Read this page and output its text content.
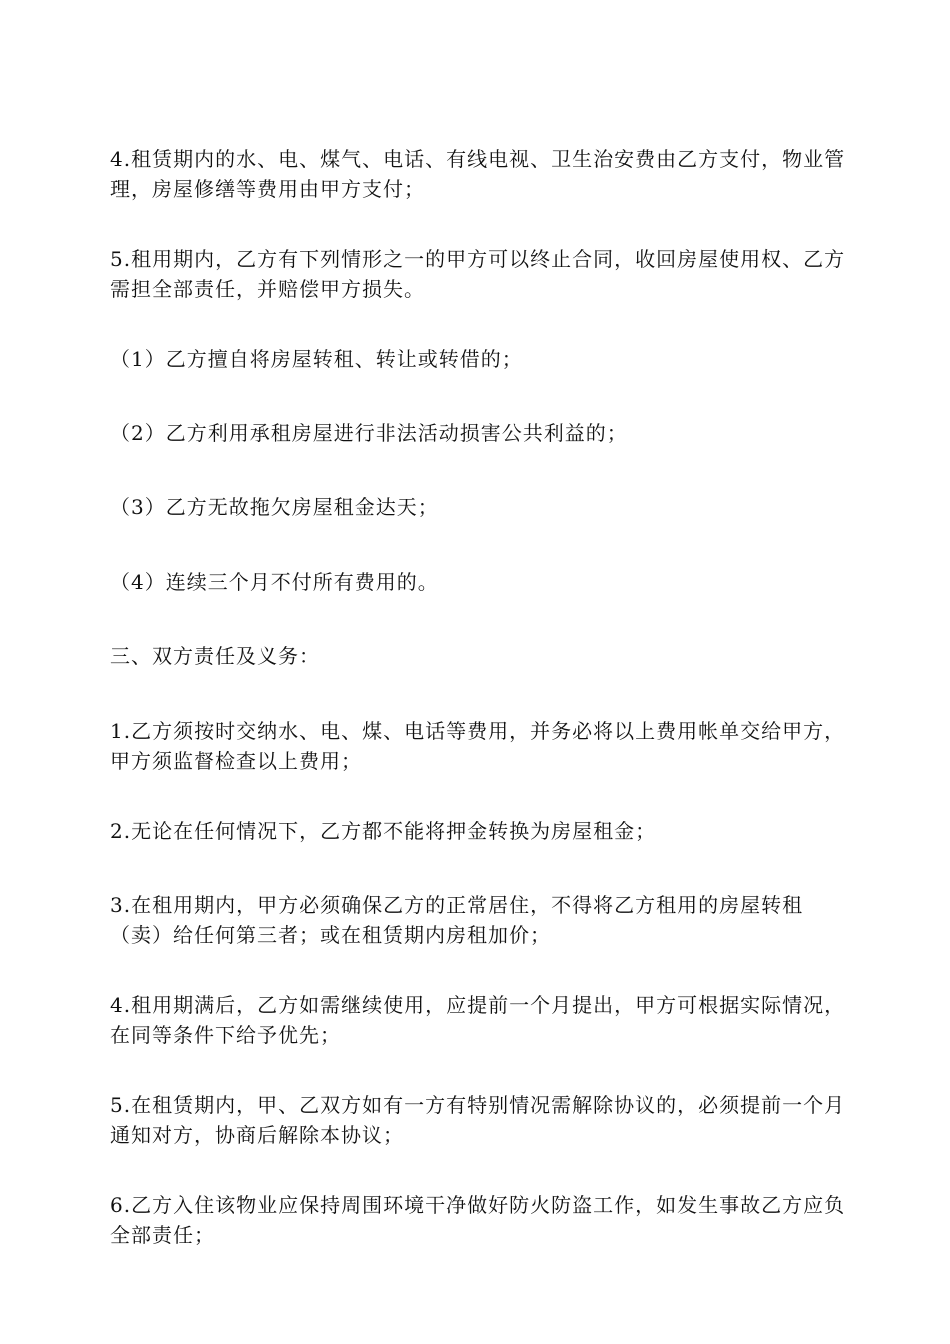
4.租赁期内的水、电、煤气、电话、有线电视、卫生治安费由乙方支付，物业管理，房屋修缮等费用由甲方支付；

5.租用期内，乙方有下列情形之一的甲方可以终止合同，收回房屋使用权、乙方需担全部责任，并赔偿甲方损失。

（1）乙方擅自将房屋转租、转让或转借的；

（2）乙方利用承租房屋进行非法活动损害公共利益的；

（3）乙方无故拖欠房屋租金达天；

（4）连续三个月不付所有费用的。

三、双方责任及义务：

1.乙方须按时交纳水、电、煤、电话等费用，并务必将以上费用帐单交给甲方，甲方须监督检查以上费用；

2.无论在任何情况下，乙方都不能将押金转换为房屋租金；

3.在租用期内，甲方必须确保乙方的正常居住，不得将乙方租用的房屋转租（卖）给任何第三者；或在租赁期内房租加价；

4.租用期满后，乙方如需继续使用，应提前一个月提出，甲方可根据实际情况，在同等条件下给予优先；

5.在租赁期内，甲、乙双方如有一方有特别情况需解除协议的，必须提前一个月通知对方，协商后解除本协议；

6.乙方入住该物业应保持周围环境干净做好防火防盗工作，如发生事故乙方应负全部责任；
